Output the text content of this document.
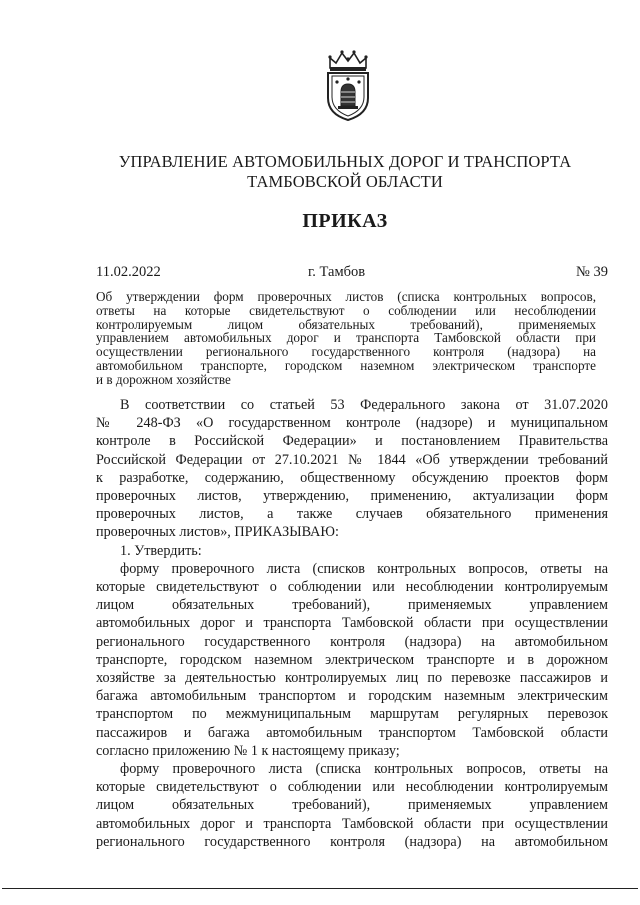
УПРАВЛЕНИЕ АВТОМОБИЛЬНЫХ ДОРОГ И ТРАНСПОРТА
ТАМБОВСКОЙ ОБЛАСТИ
ПРИКАЗ
11.02.2022	г. Тамбов	№ 39
Об утверждении форм проверочных листов (списка контрольных вопросов,
ответы на которые свидетельствуют о соблюдении или несоблюдении
контролируемым лицом обязательных требований), применяемых
управлением автомобильных дорог и транспорта Тамбовской области при
осуществлении регионального государственного контроля (надзора) на
автомобильном транспорте, городском наземном электрическом транспорте
и в дорожном хозяйстве
В соответствии со статьей 53 Федерального закона от 31.07.2020
№ 248-ФЗ «О государственном контроле (надзоре) и муниципальном
контроле в Российской Федерации» и постановлением Правительства
Российской Федерации от 27.10.2021 № 1844 «Об утверждении требований
к разработке, содержанию, общественному обсуждению проектов форм
проверочных листов, утверждению, применению, актуализации форм
проверочных листов, а также случаев обязательного применения
проверочных листов», ПРИКАЗЫВАЮ:
1. Утвердить:
форму проверочного листа (списков контрольных вопросов, ответы на
которые свидетельствуют о соблюдении или несоблюдении контролируемым
лицом обязательных требований), применяемых управлением
автомобильных дорог и транспорта Тамбовской области при осуществлении
регионального государственного контроля (надзора) на автомобильном
транспорте, городском наземном электрическом транспорте и в дорожном
хозяйстве за деятельностью контролируемых лиц по перевозке пассажиров и
багажа автомобильным транспортом и городским наземным электрическим
транспортом по межмуниципальным маршрутам регулярных перевозок
пассажиров и багажа автомобильным транспортом Тамбовской области
согласно приложению № 1 к настоящему приказу;
форму проверочного листа (списка контрольных вопросов, ответы на
которые свидетельствуют о соблюдении или несоблюдении контролируемым
лицом обязательных требований), применяемых управлением
автомобильных дорог и транспорта Тамбовской области при осуществлении
регионального государственного контроля (надзора) на автомобильном
